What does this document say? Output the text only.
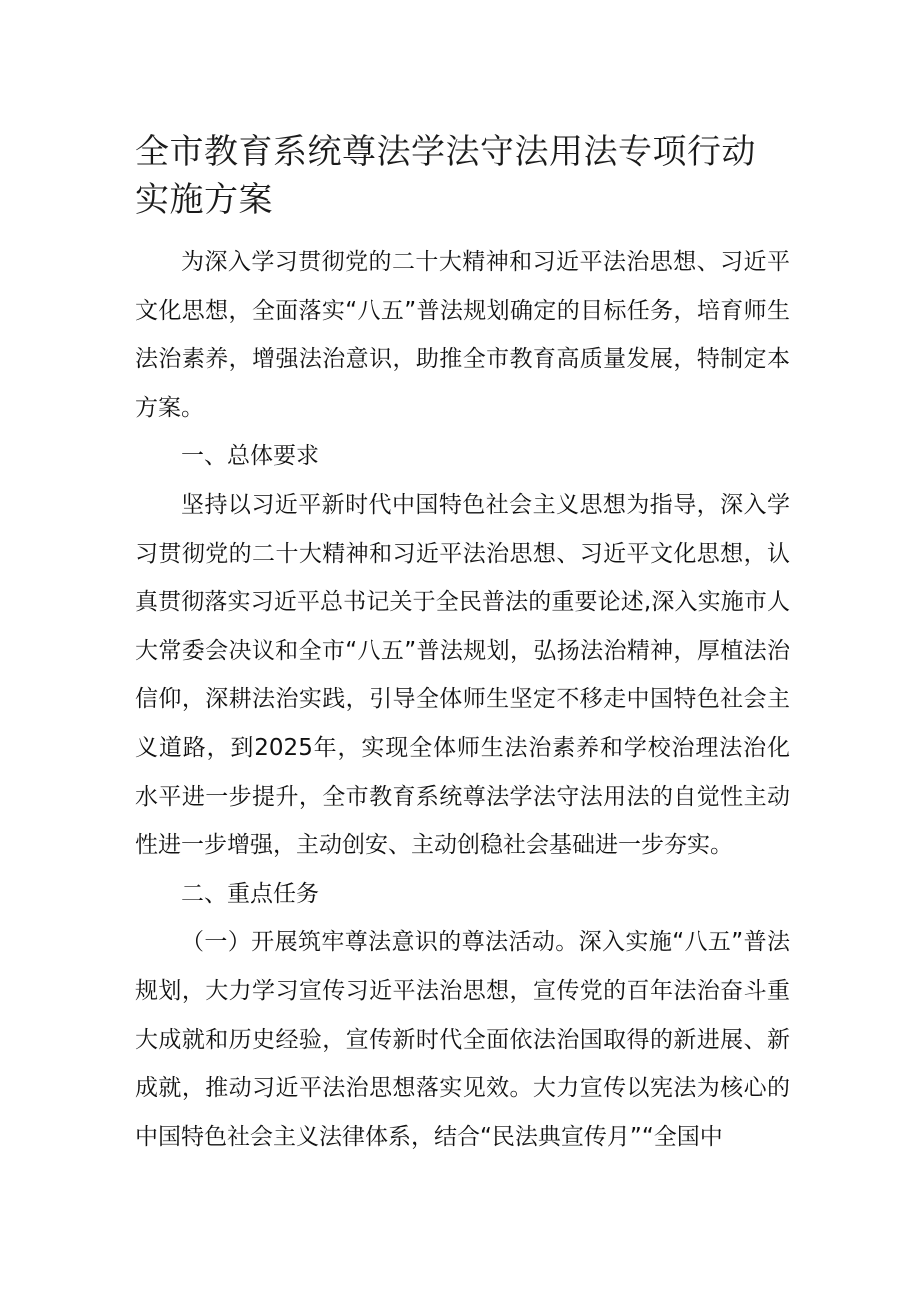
全市教育系统尊法学法守法用法专项行动实施方案

为深入学习贯彻党的二十大精神和习近平法治思想、习近平文化思想，全面落实“八五”普法规划确定的目标任务，培育师生法治素养，增强法治意识，助推全市教育高质量发展，特制定本方案。

一、总体要求

坚持以习近平新时代中国特色社会主义思想为指导，深入学习贯彻党的二十大精神和习近平法治思想、习近平文化思想，认真贯彻落实习近平总书记关于全民普法的重要论述,深入实施市人大常委会决议和全市“八五”普法规划，弘扬法治精神，厚植法治信仰，深耕法治实践，引导全体师生坚定不移走中国特色社会主义道路，到2025年，实现全体师生法治素养和学校治理法治化水平进一步提升，全市教育系统尊法学法守法用法的自觉性主动性进一步增强，主动创安、主动创稳社会基础进一步夯实。

二、重点任务

（一）开展筑牢尊法意识的尊法活动。深入实施“八五”普法规划，大力学习宣传习近平法治思想，宣传党的百年法治奋斗重大成就和历史经验，宣传新时代全面依法治国取得的新进展、新成就，推动习近平法治思想落实见效。大力宣传以宪法为核心的中国特色社会主义法律体系，结合“民法典宣传月”“全国中
